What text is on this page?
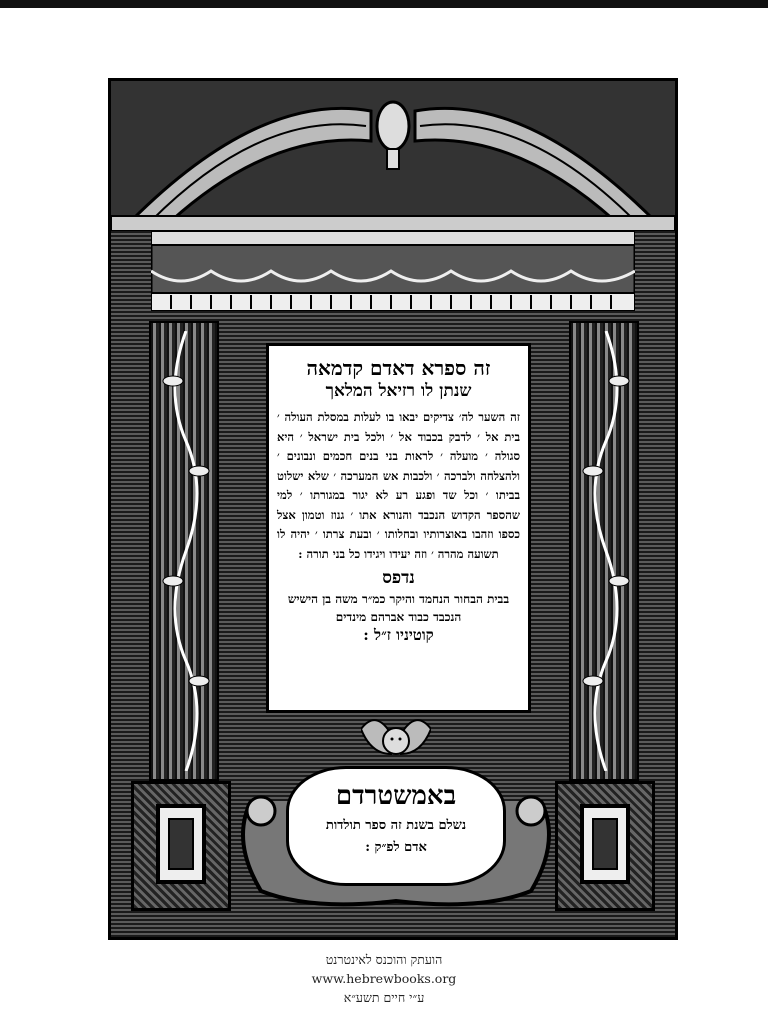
זה ספרא דאדם קדמאה

שנתן לו רזיאל המלאך

זה השער לה׳ צדיקים יבאו בו לעלות במסלת העולה ׳ בית אל ׳ לדבק בכבוד אל ׳ ולכל בית ישראל ׳ היא סגולה ׳ מועלה ׳ לראות בני בנים חכמים ונבונים ׳ ולהצלחה ולברכה ׳ ולכבות אש המערכה ׳ שלא ישלוט בביתו ׳ וכל שד ופגע רע לא יגור במגורתו ׳ למי שהספר הקדוש הנכבד והנורא אתו ׳ גנוז וטמון אצל כספו וזהבו באוצרותיו ובחלותו ׳ ובעת צרתו ׳ יהיה לו תשועה מהרה ׳ וזה יעידו ויגידו כל בני תורה :

נדפס

בבית הבחור הנחמד והיקר כמ״ר משה בן הישיש

הנכבד כבוד אברהם מינדים

קוטיניו ז״ל :

באמשטרדם

נשלם בשנת זה ספר תולדות

אדם לפ״ק :

הועתק והוכנס לאינטרנט
www.hebrewbooks.org
ע״י חיים תשע״א
